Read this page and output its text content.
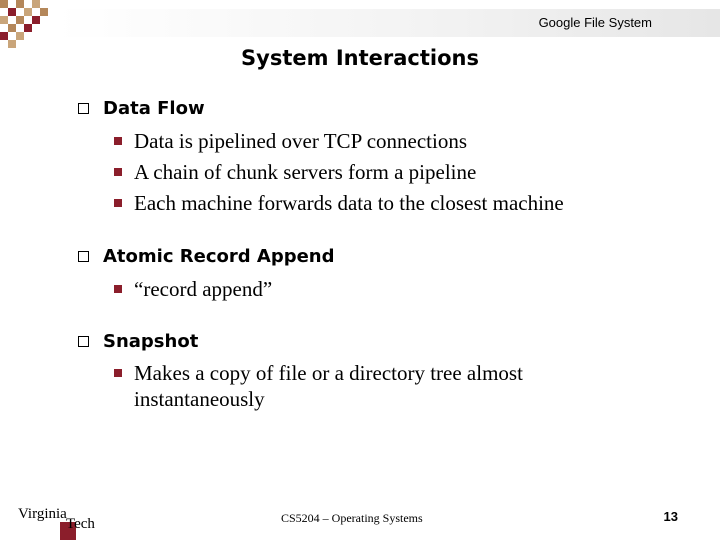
Google File System
System Interactions
Data Flow
Data is pipelined over TCP connections
A chain of chunk servers form a pipeline
Each machine forwards data to the closest machine
Atomic Record Append
“record append”
Snapshot
Makes a copy of file or a directory tree almost instantaneously
Virginia
Tech	CS5204 – Operating Systems	13
